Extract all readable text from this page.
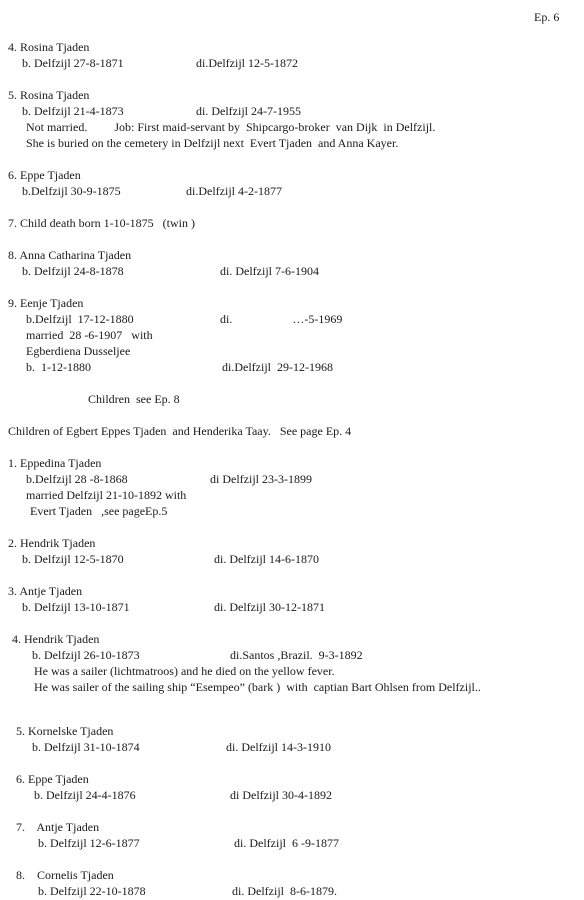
Ep. 6
4. Rosina Tjaden
b. Delfzijl 27-8-1871	di.Delfzijl 12-5-1872
5. Rosina Tjaden
b. Delfzijl 21-4-1873	di. Delfzijl 24-7-1955
Not married.         Job: First maid-servant by  Shipcargo-broker  van Dijk  in Delfzijl.
She is buried on the cemetery in Delfzijl next  Evert Tjaden  and Anna Kayer.
6. Eppe Tjaden
b.Delfzijl 30-9-1875	di.Delfzijl 4-2-1877
7. Child death born 1-10-1875   (twin )
8. Anna Catharina Tjaden
b. Delfzijl 24-8-1878	di. Delfzijl 7-6-1904
9. Eenje Tjaden
b.Delfzijl  17-12-1880	di.                    …-5-1969
married  28 -6-1907   with
Egberdiena Dusseljee
b.  1-12-1880	di.Delfzijl  29-12-1968
Children  see Ep. 8
Children of Egbert Eppes Tjaden  and Henderika Taay.   See page Ep. 4
1. Eppedina Tjaden
b.Delfzijl 28 -8-1868	di Delfzijl 23-3-1899
married Delfzijl 21-10-1892 with
Evert Tjaden   ,see pageEp.5
2. Hendrik Tjaden
b. Delfzijl 12-5-1870	di. Delfzijl 14-6-1870
3. Antje Tjaden
b. Delfzijl 13-10-1871	di. Delfzijl 30-12-1871
4. Hendrik Tjaden
b. Delfzijl 26-10-1873	di.Santos ,Brazil.  9-3-1892
He was a sailer (lichtmatroos) and he died on the yellow fever.
He was sailer of the sailing ship “Esempeo” (bark )  with  captian Bart Ohlsen from Delfzijl..
5. Kornelske Tjaden
b. Delfzijl 31-10-1874	di. Delfzijl 14-3-1910
6. Eppe Tjaden
b. Delfzijl 24-4-1876	di Delfzijl 30-4-1892
7.    Antje Tjaden
b. Delfzijl 12-6-1877	di. Delfzijl  6 -9-1877
8.    Cornelis Tjaden
b. Delfzijl 22-10-1878	di. Delfzijl  8-6-1879.
